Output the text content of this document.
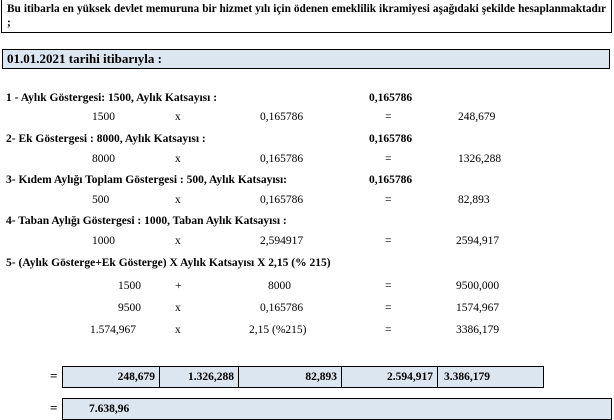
Bu itibarla en yüksek devlet memuruna bir hizmet yılı için ödenen emeklilik ikramiyesi aşağıdaki şekilde hesaplanmaktadır ;
01.01.2021 tarihi itibarıyla :
1 - Aylık Göstergesi: 1500, Aylık Katsayısı :	0,165786
1500	x	0,165786	=	248,679
2- Ek Göstergesi : 8000, Aylık Katsayısı :	0,165786
8000	x	0,165786	=	1326,288
3- Kıdem Aylığı Toplam Göstergesi : 500, Aylık Katsayısı:	0,165786
500	x	0,165786	=	82,893
4- Taban Aylığı Göstergesi : 1000, Taban Aylık Katsayısı :
1000	x	2,594917	=	2594,917
5- (Aylık Gösterge+Ek Gösterge) X Aylık Katsayısı X 2,15 (% 215)
1500	+	8000	=	9500,000
9500	x	0,165786	=	1574,967
1.574,967	x	2,15 (%215)	=	3386,179
=	248,679	1.326,288	82,893	2.594,917 3.386,179
=	7.638,96
